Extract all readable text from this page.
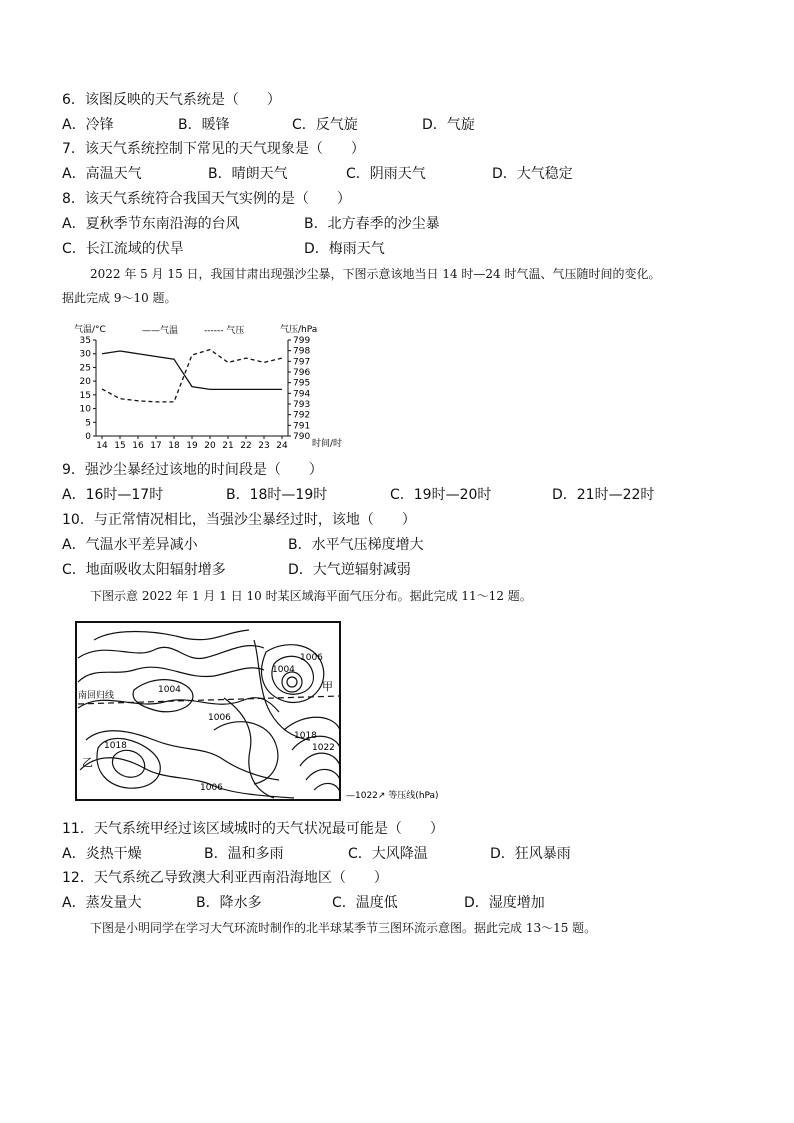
6．该图反映的天气系统是（　　）
A．冷锋	B．暖锋	C．反气旋	D．气旋
7．该天气系统控制下常见的天气现象是（　　）
A．高温天气	B．晴朗天气	C．阴雨天气	D．大气稳定
8．该天气系统符合我国天气实例的是（　　）
A．夏秋季节东南沿海的台风	B．北方春季的沙尘暴
C．长江流域的伏旱	D．梅雨天气
2022 年 5 月 15 日，我国甘肃出现强沙尘暴，下图示意该地当日 14 时—24 时气温、气压随时间的变化。
据此完成 9～10 题。
气温/°C	气压/hPa
时间/时
——气温	------ 气压
35
30
25
20
15
10
5
0
799
798
797
796
795
794
793
792
791
790
14 15 16 17 18 19 20 21 22 23 24
9．强沙尘暴经过该地的时间段是（　　）
A．16时—17时	B．18时—19时	C．19时—20时	D．21时—22时
10．与正常情况相比，当强沙尘暴经过时，该地（　　）
A．气温水平差异减小	B．水平气压梯度增大
C．地面吸收太阳辐射增多	D．大气逆辐射减弱
下图示意 2022 年 1 月 1 日 10 时某区域海平面气压分布。据此完成 11～12 题。
南回归线
甲
乙
1006
1004
1004
1006
1018
1018
1022
1006
—1022↗ 等压线(hPa)
11．天气系统甲经过该区域城时的天气状况最可能是（　　）
A．炎热干燥	B．温和多雨	C．大风降温	D．狂风暴雨
12．天气系统乙导致澳大利亚西南沿海地区（　　）
A．蒸发量大	B．降水多	C．温度低	D．湿度增加
下图是小明同学在学习大气环流时制作的北半球某季节三图环流示意图。据此完成 13～15 题。
